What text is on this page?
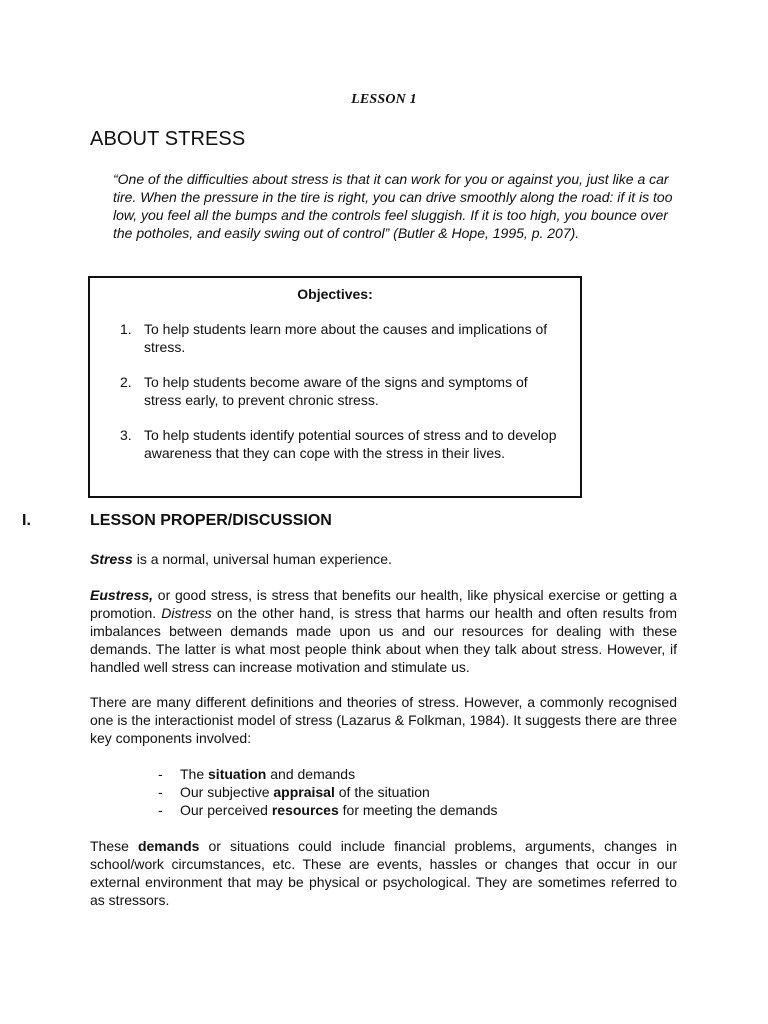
LESSON 1
ABOUT STRESS
“One of the difficulties about stress is that it can work for you or against you, just like a car tire. When the pressure in the tire is right, you can drive smoothly along the road: if it is too low, you feel all the bumps and the controls feel sluggish. If it is too high, you bounce over the potholes, and easily swing out of control” (Butler & Hope, 1995, p. 207).
Objectives:
1. To help students learn more about the causes and implications of stress.
2. To help students become aware of the signs and symptoms of stress early, to prevent chronic stress.
3. To help students identify potential sources of stress and to develop awareness that they can cope with the stress in their lives.
I.	LESSON PROPER/DISCUSSION

Stress is a normal, universal human experience.

Eustress, or good stress, is stress that benefits our health, like physical exercise or getting a promotion. Distress on the other hand, is stress that harms our health and often results from imbalances between demands made upon us and our resources for dealing with these demands. The latter is what most people think about when they talk about stress. However, if handled well stress can increase motivation and stimulate us.

There are many different definitions and theories of stress. However, a commonly recognised one is the interactionist model of stress (Lazarus & Folkman, 1984). It suggests there are three key components involved:

- The situation and demands
- Our subjective appraisal of the situation
- Our perceived resources for meeting the demands

These demands or situations could include financial problems, arguments, changes in school/work circumstances, etc. These are events, hassles or changes that occur in our external environment that may be physical or psychological. They are sometimes referred to as stressors.
